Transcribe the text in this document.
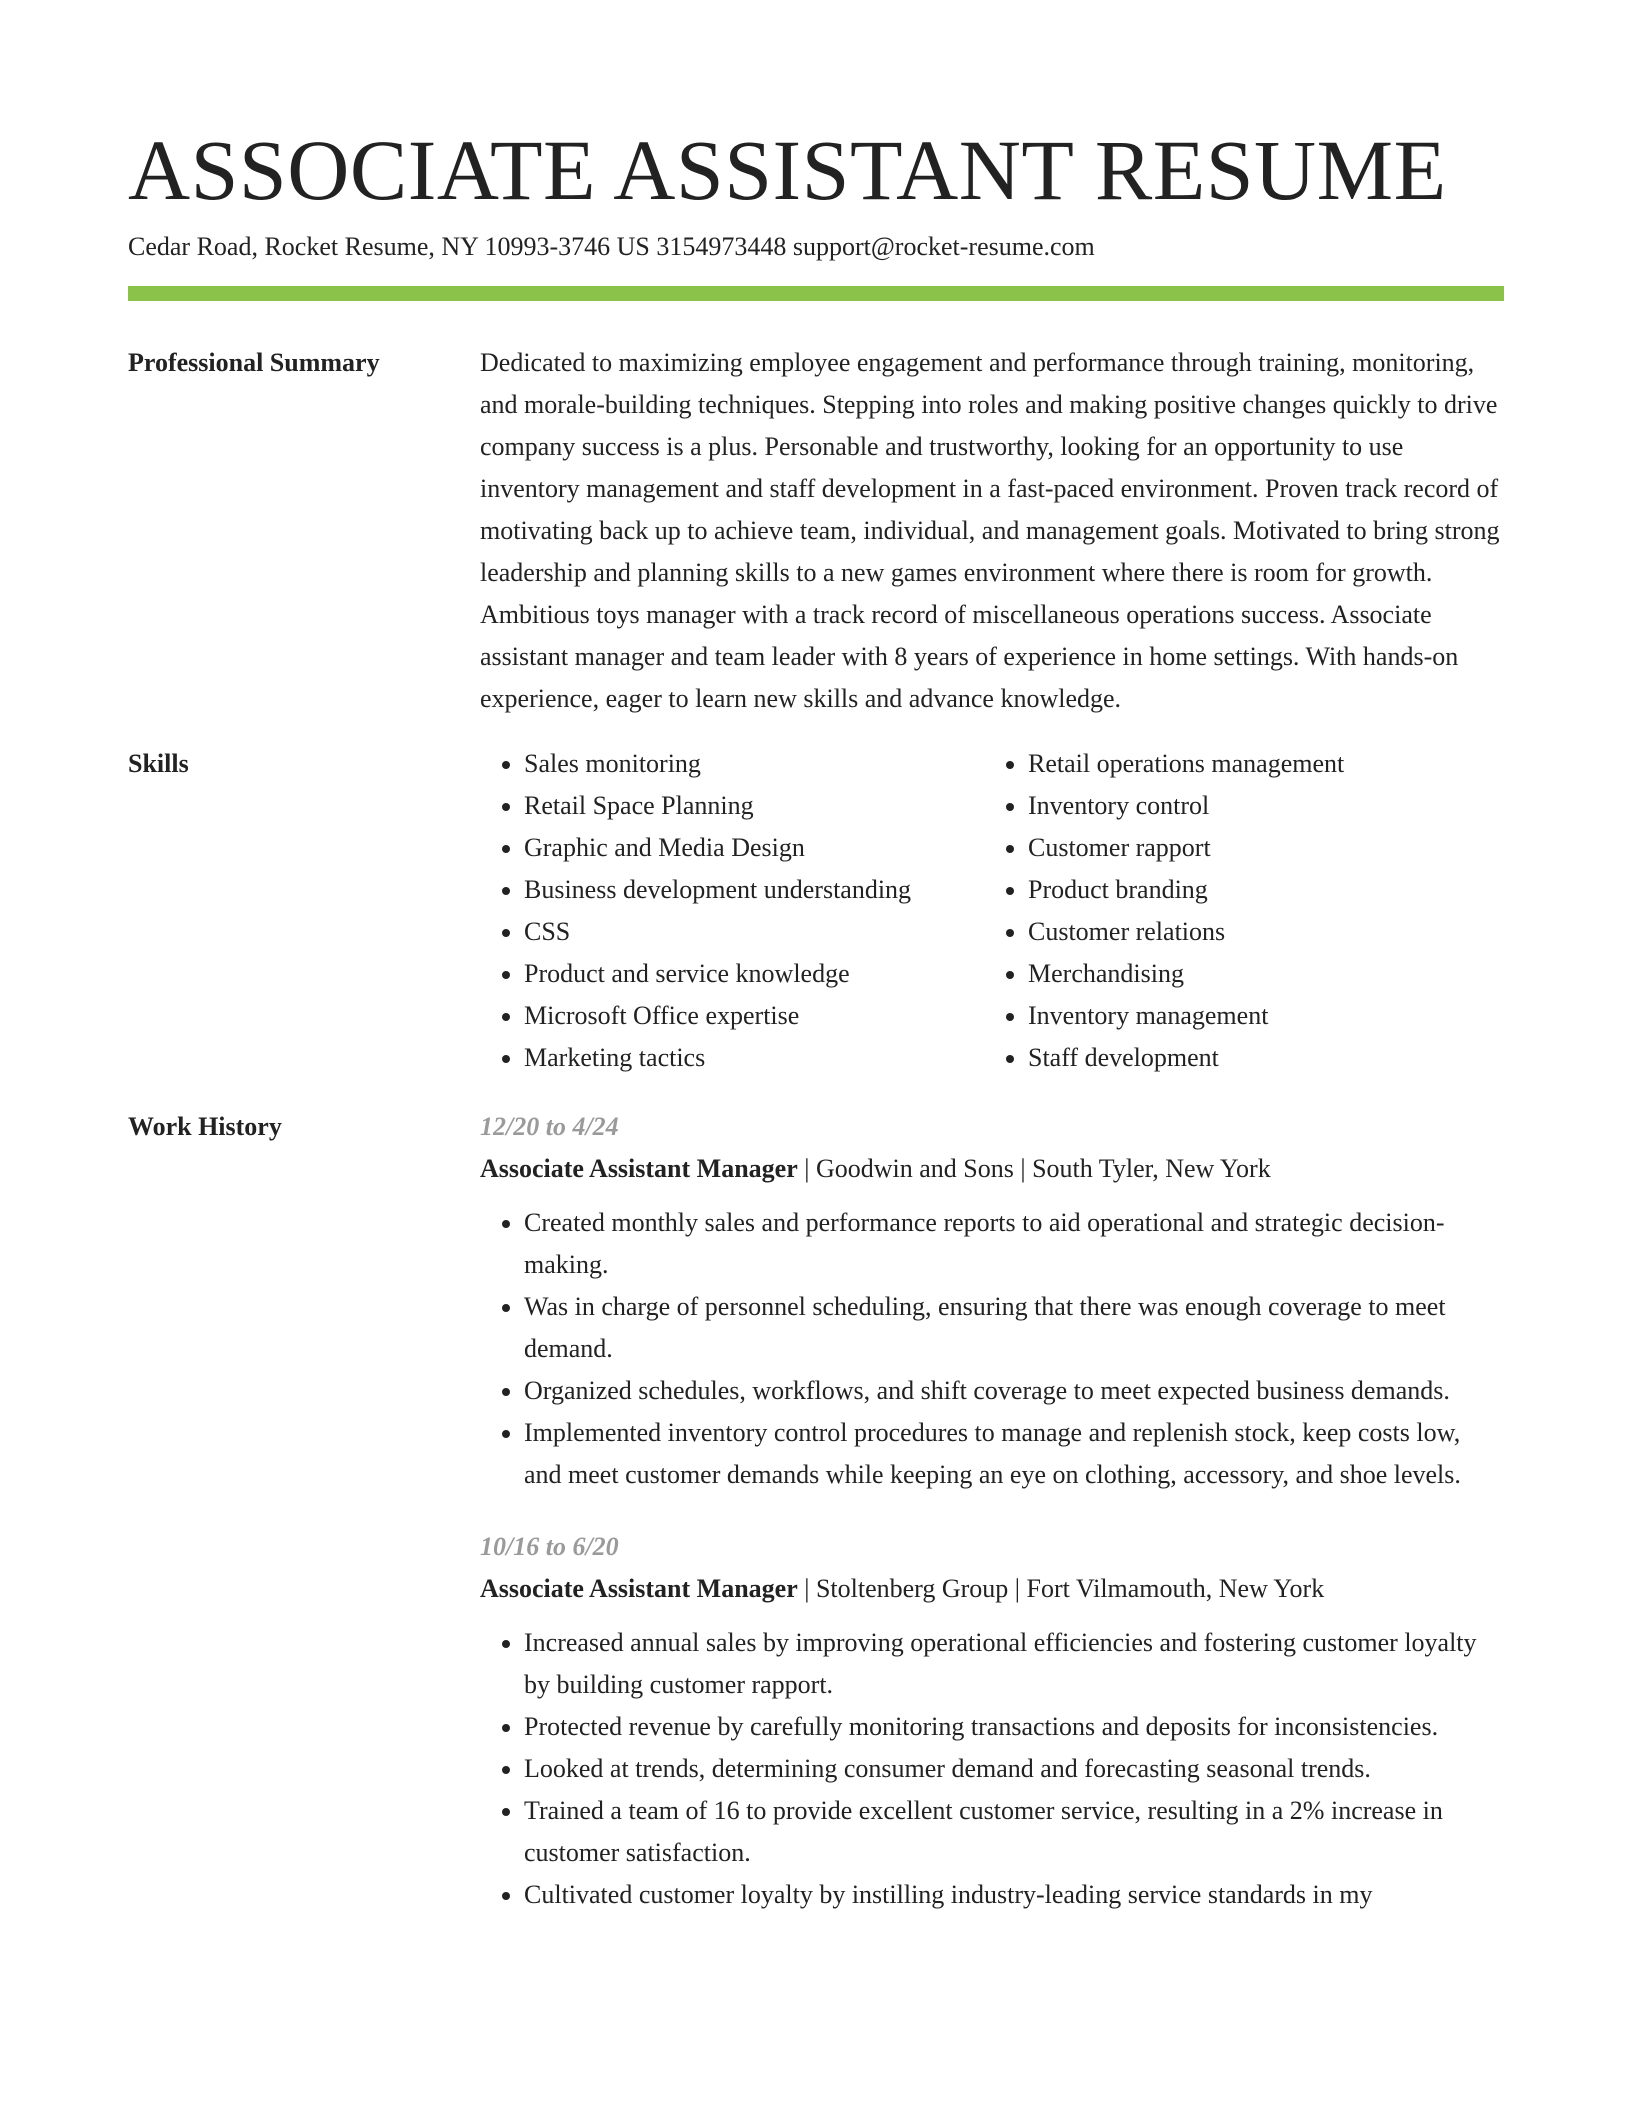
ASSOCIATE ASSISTANT RESUME
Cedar Road, Rocket Resume, NY 10993-3746 US 3154973448 support@rocket-resume.com
Professional Summary	Dedicated to maximizing employee engagement and performance through training, monitoring, and morale-building techniques. Stepping into roles and making positive changes quickly to drive company success is a plus. Personable and trustworthy, looking for an opportunity to use inventory management and staff development in a fast-paced environment. Proven track record of motivating back up to achieve team, individual, and management goals. Motivated to bring strong leadership and planning skills to a new games environment where there is room for growth. Ambitious toys manager with a track record of miscellaneous operations success. Associate assistant manager and team leader with 8 years of experience in home settings. With hands-on experience, eager to learn new skills and advance knowledge.

Skills
•	Sales monitoring
• Retail Space Planning
• Graphic and Media Design
• Business development understanding
• CSS
• Product and service knowledge
• Microsoft Office expertise
• Marketing tactics
• Retail operations management
• Inventory control
• Customer rapport
• Product branding
• Customer relations
• Merchandising
• Inventory management
• Staff development
Work History	12/20 to 4/24
Associate Assistant Manager | Goodwin and Sons | South Tyler, New York
• Created monthly sales and performance reports to aid operational and strategic decision-making.
• Was in charge of personnel scheduling, ensuring that there was enough coverage to meet demand.
• Organized schedules, workflows, and shift coverage to meet expected business demands.
• Implemented inventory control procedures to manage and replenish stock, keep costs low, and meet customer demands while keeping an eye on clothing, accessory, and shoe levels.
10/16 to 6/20
Associate Assistant Manager | Stoltenberg Group | Fort Vilmamouth, New York
• Increased annual sales by improving operational efficiencies and fostering customer loyalty by building customer rapport.
• Protected revenue by carefully monitoring transactions and deposits for inconsistencies.
• Looked at trends, determining consumer demand and forecasting seasonal trends.
• Trained a team of 16 to provide excellent customer service, resulting in a 2% increase in customer satisfaction.
• Cultivated customer loyalty by instilling industry-leading service standards in my
